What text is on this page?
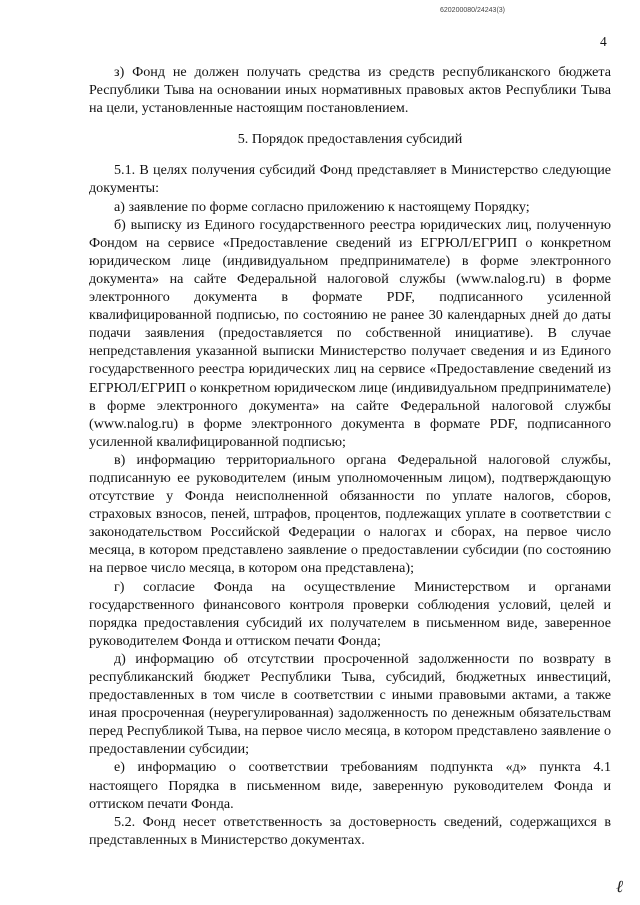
620200080/24243(3)
4

з) Фонд не должен получать средства из средств республиканского бюджета Республики Тыва на основании иных нормативных правовых актов Республики Тыва на цели, установленные настоящим постановлением.

5. Порядок предоставления субсидий

5.1. В целях получения субсидий Фонд представляет в Министерство следующие документы:

а) заявление по форме согласно приложению к настоящему Порядку;

б) выписку из Единого государственного реестра юридических лиц, полученную Фондом на сервисе «Предоставление сведений из ЕГРЮЛ/ЕГРИП о конкретном юридическом лице (индивидуальном предпринимателе) в форме электронного документа» на сайте Федеральной налоговой службы (www.nalog.ru) в форме электронного документа в формате PDF, подписанного усиленной квалифицированной подписью, по состоянию не ранее 30 календарных дней до даты подачи заявления (предоставляется по собственной инициативе). В случае непредставления указанной выписки Министерство получает сведения и из Единого государственного реестра юридических лиц на сервисе «Предоставление сведений из ЕГРЮЛ/ЕГРИП о конкретном юридическом лице (индивидуальном предпринимателе) в форме электронного документа» на сайте Федеральной налоговой службы (www.nalog.ru) в форме электронного документа в формате PDF, подписанного усиленной квалифицированной подписью;

в) информацию территориального органа Федеральной налоговой службы, подписанную ее руководителем (иным уполномоченным лицом), подтверждающую отсутствие у Фонда неисполненной обязанности по уплате налогов, сборов, страховых взносов, пеней, штрафов, процентов, подлежащих уплате в соответствии с законодательством Российской Федерации о налогах и сборах, на первое число месяца, в котором представлено заявление о предоставлении субсидии (по состоянию на первое число месяца, в котором она представлена);

г) согласие Фонда на осуществление Министерством и органами государственного финансового контроля проверки соблюдения условий, целей и порядка предоставления субсидий их получателем в письменном виде, заверенное руководителем Фонда и оттиском печати Фонда;

д) информацию об отсутствии просроченной задолженности по возврату в республиканский бюджет Республики Тыва, субсидий, бюджетных инвестиций, предоставленных в том числе в соответствии с иными правовыми актами, а также иная просроченная (неурегулированная) задолженность по денежным обязательствам перед Республикой Тыва, на первое число месяца, в котором представлено заявление о предоставлении субсидии;

е) информацию о соответствии требованиям подпункта «д» пункта 4.1 настоящего Порядка в письменном виде, заверенную руководителем Фонда и оттиском печати Фонда.

5.2. Фонд несет ответственность за достоверность сведений, содержащихся в представленных в Министерство документах.

ℓ
